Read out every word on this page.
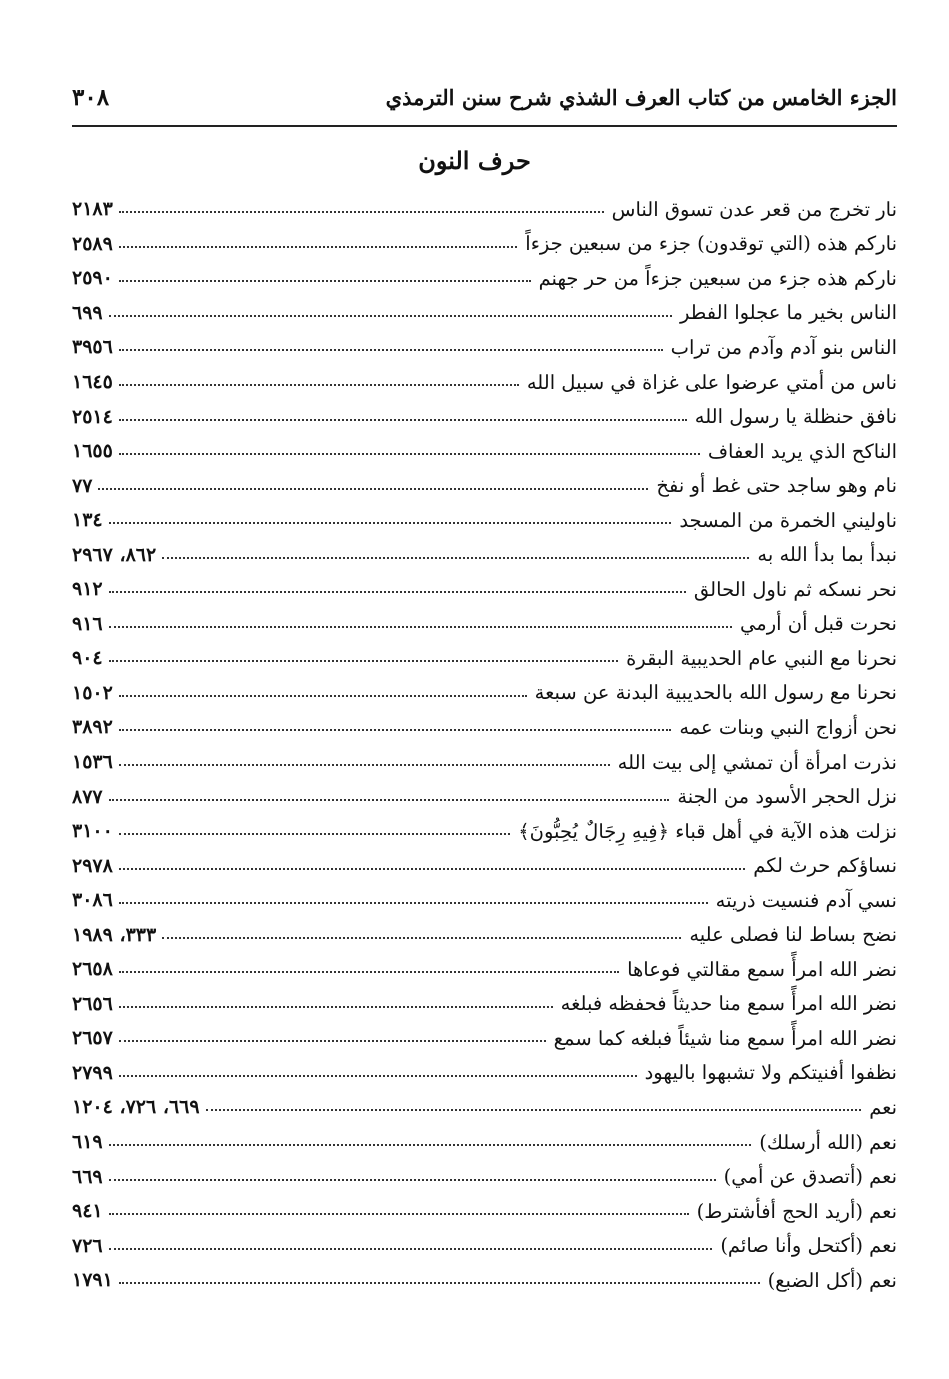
الجزء الخامس من كتاب العرف الشذي شرح سنن الترمذي
٣٠٨
حرف النون
نار تخرج من قعر عدن تسوق الناس
٢١٨٣
ناركم هذه (التي توقدون) جزء من سبعين جزءاً
٢٥٨٩
ناركم هذه جزء من سبعين جزءاً من حر جهنم
٢٥٩٠
الناس بخير ما عجلوا الفطر
٦٩٩
الناس بنو آدم وآدم من تراب
٣٩٥٦
ناس من أمتي عرضوا على غزاة في سبيل الله
١٦٤٥
نافق حنظلة يا رسول الله
٢٥١٤
الناكح الذي يريد العفاف
١٦٥٥
نام وهو ساجد حتى غط أو نفخ
٧٧
ناوليني الخمرة من المسجد
١٣٤
نبدأ بما بدأ الله به
٨٦٢، ٢٩٦٧
نحر نسكه ثم ناول الحالق
٩١٢
نحرت قبل أن أرمي
٩١٦
نحرنا مع النبي عام الحديبية البقرة
٩٠٤
نحرنا مع رسول الله بالحديبية البدنة عن سبعة
١٥٠٢
نحن أزواج النبي وبنات عمه
٣٨٩٢
نذرت امرأة أن تمشي إلى بيت الله
١٥٣٦
نزل الحجر الأسود من الجنة
٨٧٧
نزلت هذه الآية في أهل قباء ﴿فِيهِ رِجَالٌ يُحِبُّونَ﴾
٣١٠٠
نساؤكم حرث لكم
٢٩٧٨
نسي آدم فنسيت ذريته
٣٠٨٦
نضح بساط لنا فصلى عليه
٣٣٣، ١٩٨٩
نضر الله امرأً سمع مقالتي فوعاها
٢٦٥٨
نضر الله امرأً سمع منا حديثاً فحفظه فبلغه
٢٦٥٦
نضر الله امرأً سمع منا شيئاً فبلغه كما سمع
٢٦٥٧
نظفوا أفنيتكم ولا تشبهوا باليهود
٢٧٩٩
نعم
٦٦٩، ٧٢٦، ١٢٠٤
نعم (الله أرسلك)
٦١٩
نعم (أتصدق عن أمي)
٦٦٩
نعم (أريد الحج أفأشترط)
٩٤١
نعم (أكتحل وأنا صائم)
٧٢٦
نعم (أكل الضبع)
١٧٩١
